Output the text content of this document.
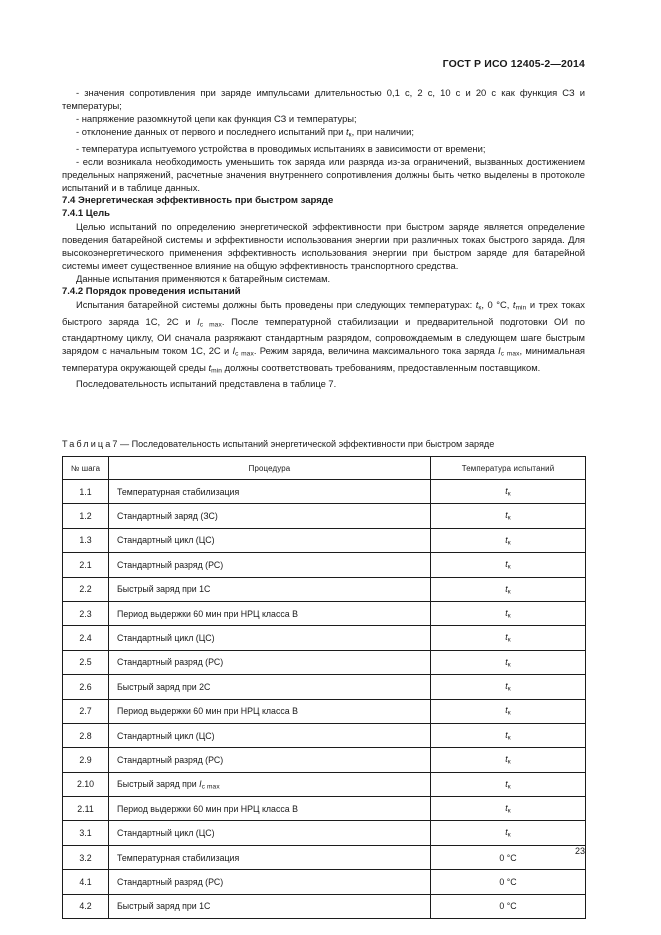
ГОСТ Р ИСО 12405-2—2014

- значения сопротивления при заряде импульсами длительностью 0,1 с, 2 с, 10 с и 20 с как функция СЗ и температуры;

- напряжение разомкнутой цепи как функция СЗ и температуры;

- отклонение данных от первого и последнего испытаний при $t_к$, при наличии;

- температура испытуемого устройства в проводимых испытаниях в зависимости от времени;

- если возникала необходимость уменьшить ток заряда или разряда из-за ограничений, вызванных достижением предельных напряжений, расчетные значения внутреннего сопротивления должны быть четко выделены в протоколе испытаний и в таблице данных.

7.4 Энергетическая эффективность при быстром заряде
7.4.1 Цель

Целью испытаний по определению энергетической эффективности при быстром заряде является определение поведения батарейной системы и эффективности использования энергии при различных токах быстрого заряда. Для высокоэнергетического применения эффективность использования энергии при быстром заряде для батарейной системы имеет существенное влияние на общую эффективность транспортного средства.

Данные испытания применяются к батарейным системам.

7.4.2 Порядок проведения испытаний

Испытания батарейной системы должны быть проведены при следующих температурах: $t_к$, 0 °С, $t_{min}$ и трех токах быстрого заряда 1С, 2С и $I_{c max}$. После температурной стабилизации и предварительной подготовки ОИ по стандартному циклу, ОИ сначала разряжают стандартным разрядом, сопровождаемым в следующем шаге быстрым зарядом с начальным током 1С, 2С и $I_{c max}$. Режим заряда, величина максимального тока заряда $I_{c max}$, минимальная температура окружающей среды $t_{min}$ должны соответствовать требованиям, предоставленным поставщиком.

Последовательность испытаний представлена в таблице 7.

Таблица7 — Последовательность испытаний энергетической эффективности при быстром заряде
№ шага	Процедура	Температура испытаний
1.1	Температурная стабилизация	$t_к$
1.2	Стандартный заряд (ЗС)	$t_к$
1.3	Стандартный цикл (ЦС)	$t_к$
2.1	Стандартный разряд (РС)	$t_к$
2.2	Быстрый заряд при 1С	$t_к$
2.3	Период выдержки 60 мин при НРЦ класса В	$t_к$
2.4	Стандартный цикл (ЦС)	$t_к$
2.5	Стандартный разряд (РС)	$t_к$
2.6	Быстрый заряд при 2С	$t_к$
2.7	Период выдержки 60 мин при НРЦ класса В	$t_к$
2.8	Стандартный цикл (ЦС)	$t_к$
2.9	Стандартный разряд (РС)	$t_к$
2.10	Быстрый заряд при $I_{c max}$	$t_к$
2.11	Период выдержки 60 мин при НРЦ класса В	$t_к$
3.1	Стандартный цикл (ЦС)	$t_к$
3.2	Температурная стабилизация	0 °С
4.1	Стандартный разряд (РС)	0 °С
4.2	Быстрый заряд при 1С	0 °С
23
